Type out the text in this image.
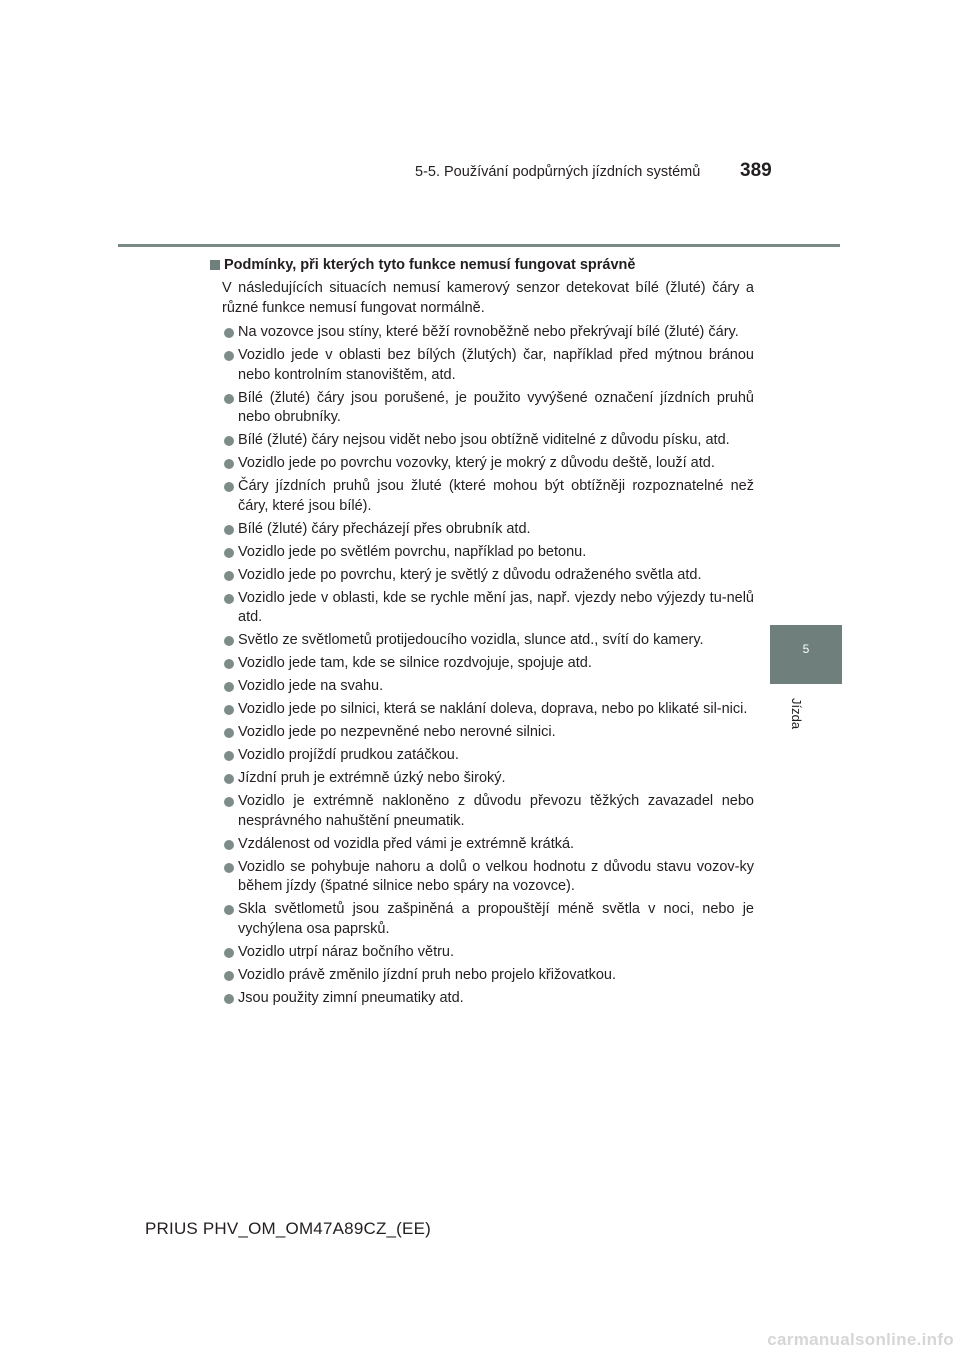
5-5. Používání podpůrných jízdních systémů 389
5
Jízda
Podmínky, při kterých tyto funkce nemusí fungovat správně

V následujících situacích nemusí kamerový senzor detekovat bílé (žluté) čáry a různé funkce nemusí fungovat normálně.

Na vozovce jsou stíny, které běží rovnoběžně nebo překrývají bílé (žluté) čáry.
Vozidlo jede v oblasti bez bílých (žlutých) čar, například před mýtnou bránou nebo kontrolním stanovištěm, atd.
Bílé (žluté) čáry jsou porušené, je použito vyvýšené označení jízdních pruhů nebo obrubníky.
Bílé (žluté) čáry nejsou vidět nebo jsou obtížně viditelné z důvodu písku, atd.
Vozidlo jede po povrchu vozovky, který je mokrý z důvodu deště, louží atd.
Čáry jízdních pruhů jsou žluté (které mohou být obtížněji rozpoznatelné než čáry, které jsou bílé).
Bílé (žluté) čáry přecházejí přes obrubník atd.
Vozidlo jede po světlém povrchu, například po betonu.
Vozidlo jede po povrchu, který je světlý z důvodu odraženého světla atd.
Vozidlo jede v oblasti, kde se rychle mění jas, např. vjezdy nebo výjezdy tu-nelů atd.
Světlo ze světlometů protijedoucího vozidla, slunce atd., svítí do kamery.
Vozidlo jede tam, kde se silnice rozdvojuje, spojuje atd.
Vozidlo jede na svahu.
Vozidlo jede po silnici, která se naklání doleva, doprava, nebo po klikaté sil-nici.
Vozidlo jede po nezpevněné nebo nerovné silnici.
Vozidlo projíždí prudkou zatáčkou.
Jízdní pruh je extrémně úzký nebo široký.
Vozidlo je extrémně nakloněno z důvodu převozu těžkých zavazadel nebo nesprávného nahuštění pneumatik.
Vzdálenost od vozidla před vámi je extrémně krátká.
Vozidlo se pohybuje nahoru a dolů o velkou hodnotu z důvodu stavu vozov-ky během jízdy (špatné silnice nebo spáry na vozovce).
Skla světlometů jsou zašpiněná a propouštějí méně světla v noci, nebo je vychýlena osa paprsků.
Vozidlo utrpí náraz bočního větru.
Vozidlo právě změnilo jízdní pruh nebo projelo křižovatkou.
Jsou použity zimní pneumatiky atd.
PRIUS PHV_OM_OM47A89CZ_(EE)
carmanualsonline.info
